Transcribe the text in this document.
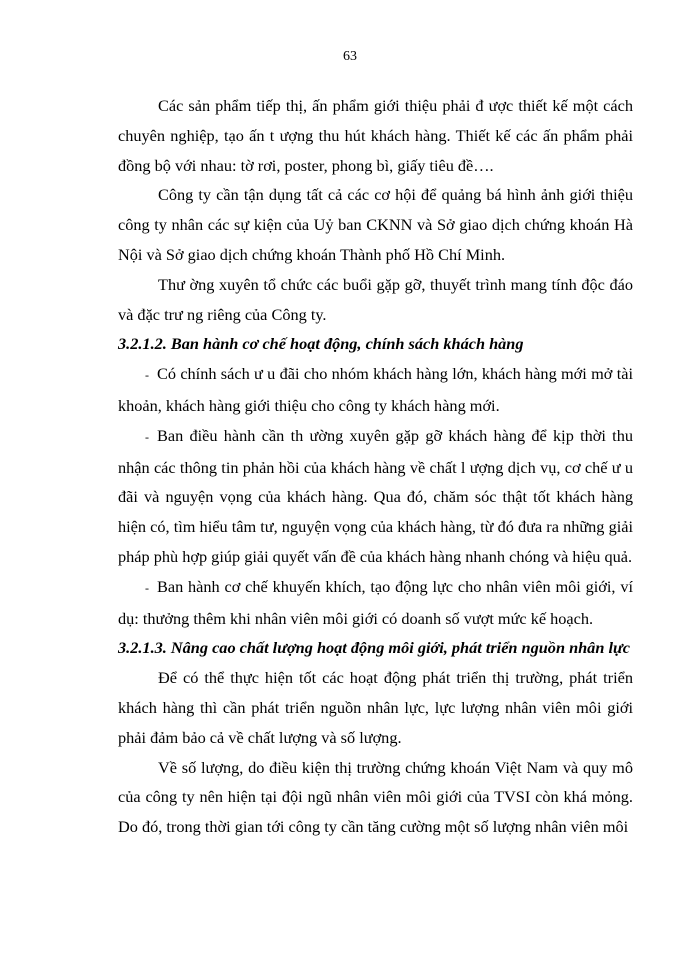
63

Các sản phẩm tiếp thị, ấn phẩm giới thiệu phải đ ược thiết kế một cách chuyên nghiệp, tạo ấn t ượng thu hút khách hàng. Thiết kế các ấn phẩm phải đồng bộ với nhau: tờ rơi, poster, phong bì, giấy tiêu đề….

Công ty cần tận dụng tất cả các cơ hội để quảng bá hình ảnh giới thiệu công ty nhân các sự kiện của Uỷ ban CKNN và Sở giao dịch chứng khoán Hà Nội và Sở giao dịch chứng khoán Thành phố Hồ Chí Minh.

Thư ờng xuyên tổ chức các buổi gặp gỡ, thuyết trình mang tính độc đáo và đặc trư ng riêng của Công ty.

3.2.1.2. Ban hành cơ chế hoạt động, chính sách khách hàng

- Có chính sách ư u đãi cho nhóm khách hàng lớn, khách hàng mới mở tài khoản, khách hàng giới thiệu cho công ty khách hàng mới.

- Ban điều hành cần th ường xuyên gặp gỡ khách hàng để kịp thời thu nhận các thông tin phản hồi của khách hàng về chất l ượng dịch vụ, cơ chế ư u đãi và nguyện vọng của khách hàng. Qua đó, chăm sóc thật tốt khách hàng hiện có, tìm hiểu tâm tư, nguyện vọng của khách hàng, từ đó đưa ra những giải pháp phù hợp giúp giải quyết vấn đề của khách hàng nhanh chóng và hiệu quả.

- Ban hành cơ chế khuyến khích, tạo động lực cho nhân viên môi giới, ví dụ: thưởng thêm khi nhân viên môi giới có doanh số vượt mức kế hoạch.

3.2.1.3. Nâng cao chất lượng hoạt động môi giới, phát triển nguồn nhân lực

Để có thể thực hiện tốt các hoạt động phát triển thị trường, phát triển khách hàng thì cần phát triển nguồn nhân lực, lực lượng nhân viên môi giới phải đảm bảo cả về chất lượng và số lượng.

Về số lượng, do điều kiện thị trường chứng khoán Việt Nam và quy mô của công ty nên hiện tại đội ngũ nhân viên môi giới của TVSI còn khá mỏng. Do đó, trong thời gian tới công ty cần tăng cường một số lượng nhân viên môi
